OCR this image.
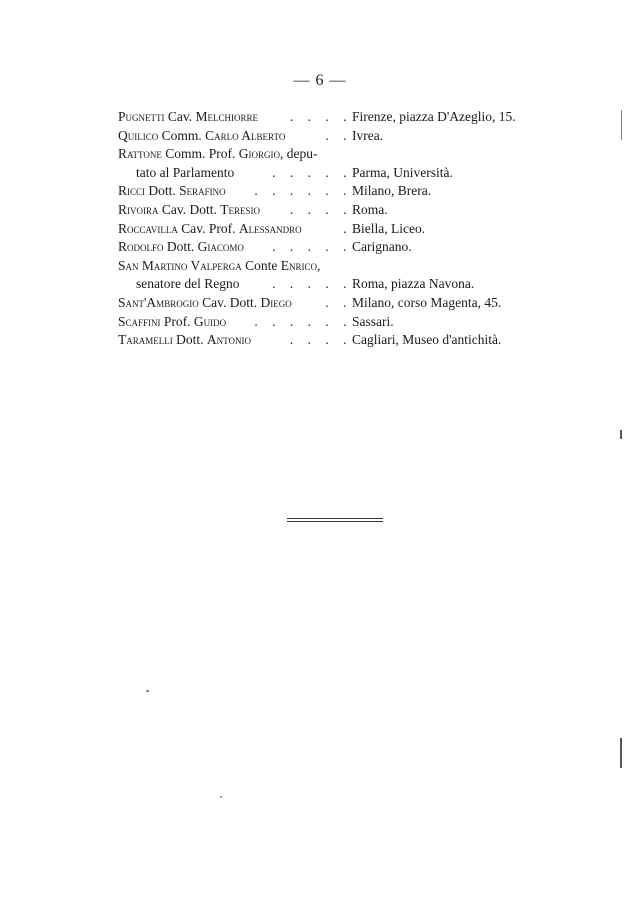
— 6 —
Pugnetti Cav. Melchiorre	. . . . Firenze, piazza D'Azeglio, 15.
Quilico Comm. Carlo Alberto	. . Ivrea.
Rattone Comm. Prof. Giorgio, depu-
tato al Parlamento	. . . . . Parma, Università.
Ricci Dott. Serafino	. . . . . . Milano, Brera.
Rivoira Cav. Dott. Teresio	. . . . Roma.
Roccavilla Cav. Prof. Alessandro	. Biella, Liceo.
Rodolfo Dott. Giacomo	. . . . . Carignano.
San Martino Valperga Conte Enrico,
senatore del Regno	. . . . . Roma, piazza Navona.
Sant'Ambrogio Cav. Dott. Diego	. . Milano, corso Magenta, 45.
Scaffini Prof. Guido	. . . . . . Sassari.
Taramelli Dott. Antonio	. . . . Cagliari, Museo d'antichità.
